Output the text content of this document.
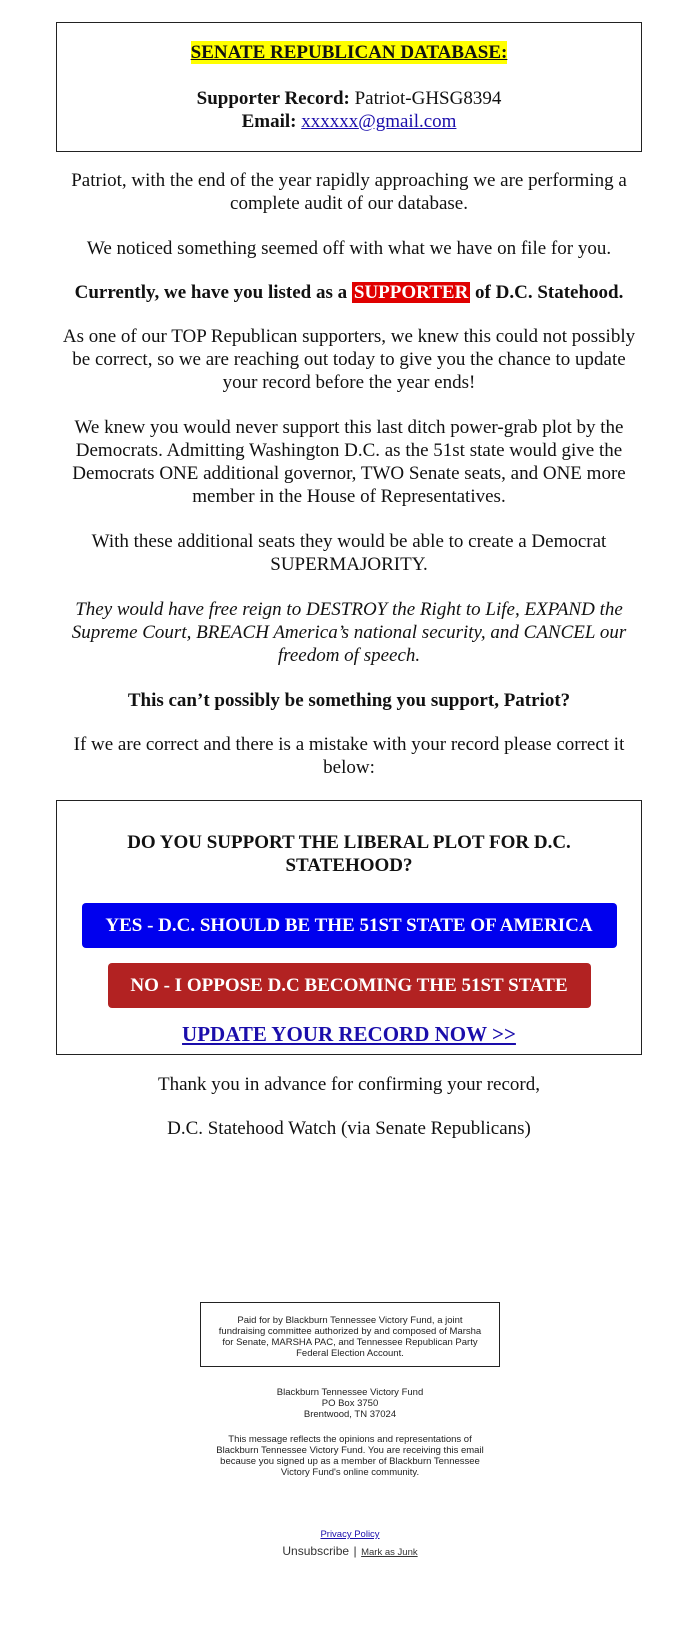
SENATE REPUBLICAN DATABASE:
Supporter Record: Patriot-GHSG8394
Email: xxxxxx@gmail.com

Patriot, with the end of the year rapidly approaching we are performing a complete audit of our database.

We noticed something seemed off with what we have on file for you.

Currently, we have you listed as a SUPPORTER of D.C. Statehood.

As one of our TOP Republican supporters, we knew this could not possibly be correct, so we are reaching out today to give you the chance to update your record before the year ends!

We knew you would never support this last ditch power-grab plot by the Democrats. Admitting Washington D.C. as the 51st state would give the Democrats ONE additional governor, TWO Senate seats, and ONE more member in the House of Representatives.

With these additional seats they would be able to create a Democrat SUPERMAJORITY.

They would have free reign to DESTROY the Right to Life, EXPAND the Supreme Court, BREACH America’s national security, and CANCEL our freedom of speech.

This can’t possibly be something you support, Patriot?

If we are correct and there is a mistake with your record please correct it below:

DO YOU SUPPORT THE LIBERAL PLOT FOR D.C. STATEHOOD?
YES - D.C. SHOULD BE THE 51ST STATE OF AMERICA
NO - I OPPOSE D.C BECOMING THE 51ST STATE
UPDATE YOUR RECORD NOW >>

Thank you in advance for confirming your record,

D.C. Statehood Watch (via Senate Republicans)

Paid for by Blackburn Tennessee Victory Fund, a joint fundraising committee authorized by and composed of Marsha for Senate, MARSHA PAC, and Tennessee Republican Party Federal Election Account.
Blackburn Tennessee Victory Fund
PO Box 3750
Brentwood, TN 37024
This message reflects the opinions and representations of Blackburn Tennessee Victory Fund. You are receiving this email because you signed up as a member of Blackburn Tennessee Victory Fund's online community.
Privacy Policy
Unsubscribe | Mark as Junk
